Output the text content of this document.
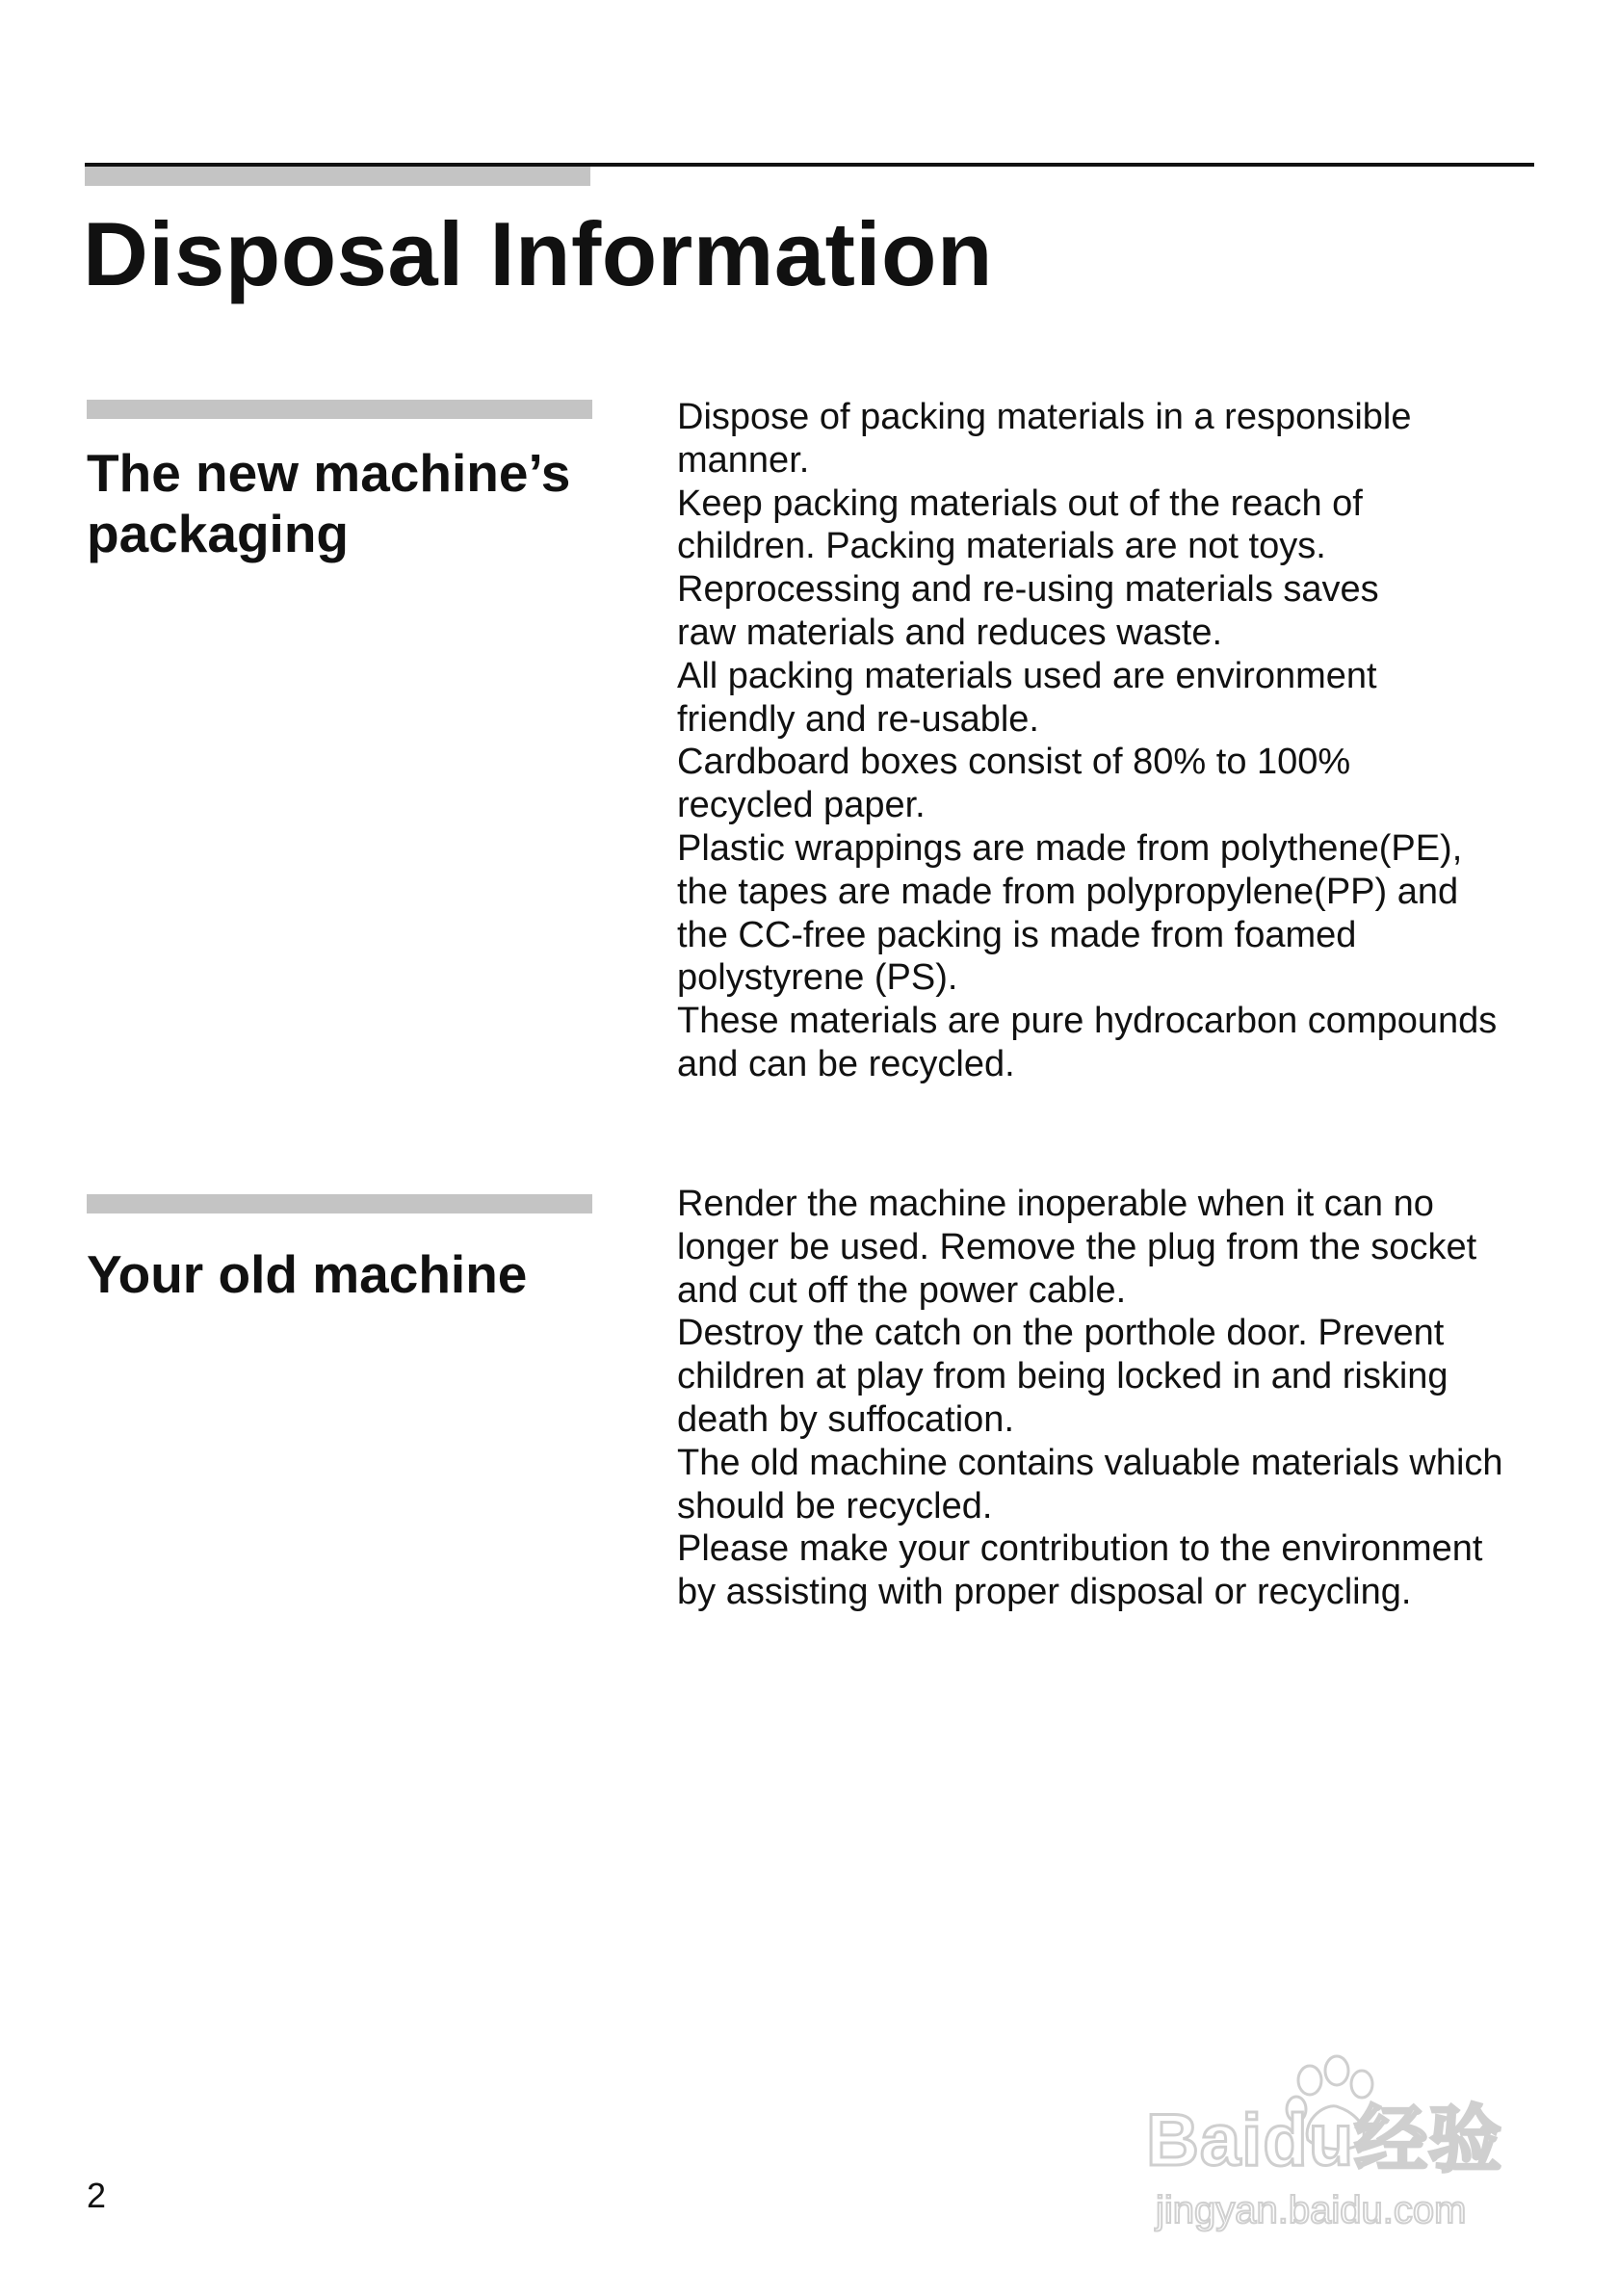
Disposal Information
The new machine’s
packaging

Dispose of packing materials in a responsible

manner.

Keep packing materials out of the reach of

children. Packing materials are not toys.

Reprocessing and re-using materials saves

raw materials and reduces waste.

All packing materials used are environment

friendly and re-usable.

Cardboard boxes consist of 80% to 100%

recycled paper.

Plastic wrappings are made from polythene(PE),

the tapes are made from polypropylene(PP) and

the CC-free packing is made from foamed

polystyrene (PS).

These materials are pure hydrocarbon compounds

and can be recycled.

Your old machine

Render the machine inoperable when it can no

longer be used. Remove the plug from the socket

and cut off the power cable.

Destroy the catch on the porthole door. Prevent

children at play from being locked in and risking

death by suffocation.

The old machine contains valuable materials which

should be recycled.

Please make your contribution to the environment

by assisting with proper disposal or recycling.

2
Baidu经验
jingyan.baidu.com
